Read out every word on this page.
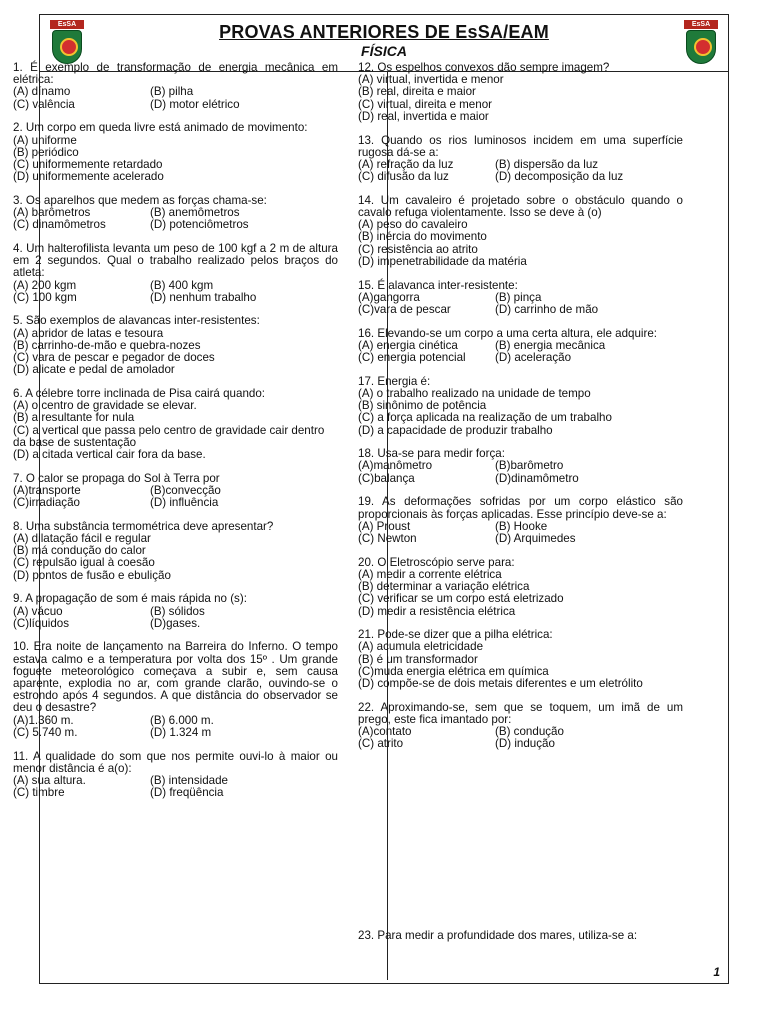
EsSA	PROVAS ANTERIORES DE EsSA/EAM
FÍSICA
EsSA
1
1. É exemplo de transformação de energia mecânica em elétrica:
(A) dínamo	(B) pilha
(C) valência	(D) motor elétrico
2. Um corpo em queda livre está animado de movimento:
(A) uniforme
(B) periódico
(C) uniformemente retardado
(D) uniformemente acelerado
3. Os aparelhos que medem as forças chama-se:
(A) barômetros	(B) anemômetros
(C) dinamômetros	(D) potenciômetros
4. Um halterofilista levanta um peso de 100 kgf a 2 m de altura em 2 segundos. Qual o trabalho realizado pelos braços do atleta:
(A) 200 kgm	(B) 400 kgm
(C) 100 kgm	(D) nenhum trabalho
5. São exemplos de alavancas inter-resistentes:
(A) abridor de latas e tesoura
(B) carrinho-de-mão e quebra-nozes
(C) vara de pescar e pegador de doces
(D) alicate e pedal de amolador
6. A célebre torre inclinada de Pisa cairá quando:
(A) o centro de gravidade se elevar.
(B) a resultante for nula
(C) a vertical que passa pelo centro de gravidade cair dentro da base de sustentação
(D) a citada vertical cair fora da base.
7. O calor se propaga do Sol à Terra por
(A)transporte	(B)convecção
(C)irradiação	(D) influência
8. Uma substância termométrica deve apresentar?
(A) dilatação fácil e regular
(B) má condução do calor
(C) repulsão igual à coesão
(D) pontos de fusão e ebulição
9. A propagação de som é mais rápida no (s):
(A) vácuo	(B) sólidos
(C)líquidos	(D)gases.
10. Era noite de lançamento na Barreira do Inferno. O tempo estava calmo e a temperatura por volta dos 15º . Um grande foguete meteorológico começava a subir e, sem causa aparente, explodia no ar, com grande clarão, ouvindo-se o estrondo após 4 segundos. A que distância do observador se deu o desastre?
(A)1.360 m.	(B) 6.000 m.
(C) 5.740 m.	(D) 1.324 m
11. A qualidade do som que nos permite ouvi-lo à maior ou menor distância é a(o):
(A) sua altura.	(B) intensidade
(C) timbre	(D) freqüência
12. Os espelhos convexos dão sempre imagem?
(A) virtual, invertida e menor
(B) real, direita e maior
(C) virtual, direita e menor
(D) real, invertida e maior
13. Quando os rios luminosos incidem em uma superfície rugosa dá-se a:
(A) refração da luz	(B) dispersão da luz
(C) difusão da luz	(D) decomposição da luz
14. Um cavaleiro é projetado sobre o obstáculo quando o cavalo refuga violentamente. Isso se deve à (o)
(A) peso do cavaleiro
(B) inércia do movimento
(C) resistência ao atrito
(D) impenetrabilidade da matéria
15. É alavanca inter-resistente:
(A)gangorra	(B) pinça
(C)vara de pescar	(D) carrinho de mão
16. Elevando-se um corpo a uma certa altura, ele adquire:
(A) energia cinética	(B) energia mecânica
(C) energia potencial	(D) aceleração
17. Energia é:
(A) o trabalho realizado na unidade de tempo
(B) sinônimo de potência
(C) a força aplicada na realização de um trabalho
(D) a capacidade de produzir trabalho
18. Usa-se para medir força:
(A)manômetro	(B)barômetro
(C)balança	(D)dinamômetro
19. As deformações sofridas por um corpo elástico são proporcionais às forças aplicadas. Esse princípio deve-se a:
(A) Proust	(B) Hooke
(C) Newton	(D) Arquimedes
20. O Eletroscópio serve para:
(A) medir a corrente elétrica
(B) determinar a variação elétrica
(C) verificar se um corpo está eletrizado
(D) medir a resistência elétrica
21. Pode-se dizer que a pilha elétrica:
(A) acumula eletricidade
(B) é um transformador
(C)muda energia elétrica em química
(D) compõe-se de dois metais diferentes e um eletrólito
22. Aproximando-se, sem que se toquem, um imã de um prego, este fica imantado por:
(A)contato	(B) condução
(C) atrito	(D) indução
23. Para medir a profundidade dos mares, utiliza-se a:
